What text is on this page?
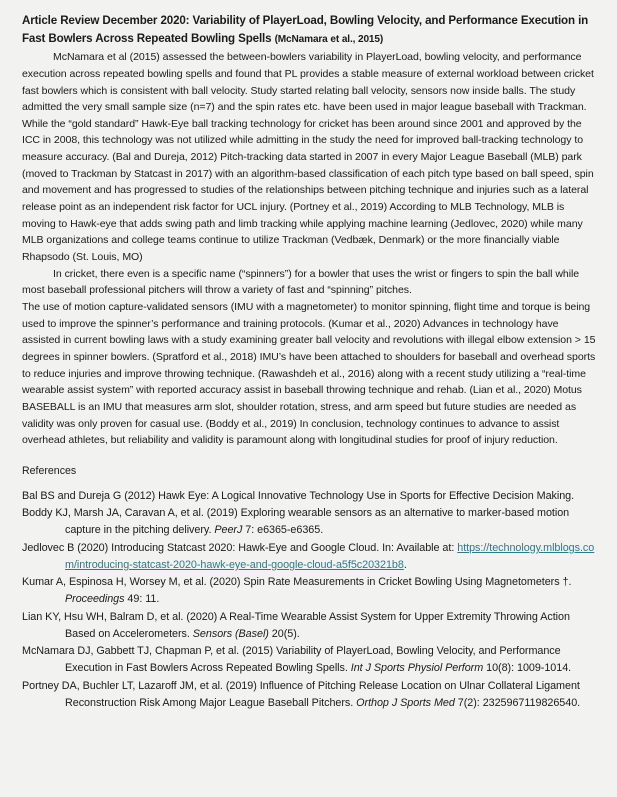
Article Review December 2020: Variability of PlayerLoad, Bowling Velocity, and Performance Execution in Fast Bowlers Across Repeated Bowling Spells (McNamara et al., 2015)

McNamara et al (2015) assessed the between-bowlers variability in PlayerLoad, bowling velocity, and performance execution across repeated bowling spells and found that PL provides a stable measure of external workload between cricket fast bowlers which is consistent with ball velocity. Study started relating ball velocity, sensors now inside balls. The study admitted the very small sample size (n=7) and the spin rates etc. have been used in major league baseball with Trackman. While the “gold standard” Hawk-Eye ball tracking technology for cricket has been around since 2001 and approved by the ICC in 2008, this technology was not utilized while admitting in the study the need for improved ball-tracking technology to measure accuracy. (Bal and Dureja, 2012) Pitch-tracking data started in 2007 in every Major League Baseball (MLB) park (moved to Trackman by Statcast in 2017) with an algorithm-based classification of each pitch type based on ball speed, spin and movement and has progressed to studies of the relationships between pitching technique and injuries such as a lateral release point as an independent risk factor for UCL injury. (Portney et al., 2019) According to MLB Technology, MLB is moving to Hawk-eye that adds swing path and limb tracking while applying machine learning (Jedlovec, 2020) while many MLB organizations and college teams continue to utilize Trackman (Vedbæk, Denmark) or the more financially viable Rhapsodo (St. Louis, MO)

In cricket, there even is a specific name (“spinners”) for a bowler that uses the wrist or fingers to spin the ball while most baseball professional pitchers will throw a variety of fast and “spinning” pitches.

The use of motion capture-validated sensors (IMU with a magnetometer) to monitor spinning, flight time and torque is being used to improve the spinner’s performance and training protocols. (Kumar et al., 2020) Advances in technology have assisted in current bowling laws with a study examining greater ball velocity and revolutions with illegal elbow extension > 15 degrees in spinner bowlers. (Spratford et al., 2018) IMU’s have been attached to shoulders for baseball and overhead sports to reduce injuries and improve throwing technique. (Rawashdeh et al., 2016) along with a recent study utilizing a “real-time wearable assist system” with reported accuracy assist in baseball throwing technique and rehab. (Lian et al., 2020) Motus BASEBALL is an IMU that measures arm slot, shoulder rotation, stress, and arm speed but future studies are needed as validity was only proven for casual use. (Boddy et al., 2019) In conclusion, technology continues to advance to assist overhead athletes, but reliability and validity is paramount along with longitudinal studies for proof of injury reduction.

References
Bal BS and Dureja G (2012) Hawk Eye: A Logical Innovative Technology Use in Sports for Effective Decision Making.
Boddy KJ, Marsh JA, Caravan A, et al. (2019) Exploring wearable sensors as an alternative to marker-based motion capture in the pitching delivery. PeerJ 7: e6365-e6365.
Jedlovec B (2020) Introducing Statcast 2020: Hawk-Eye and Google Cloud. In: Available at: https://technology.mlblogs.com/introducing-statcast-2020-hawk-eye-and-google-cloud-a5f5c20321b8.
Kumar A, Espinosa H, Worsey M, et al. (2020) Spin Rate Measurements in Cricket Bowling Using Magnetometers †. Proceedings 49: 11.
Lian KY, Hsu WH, Balram D, et al. (2020) A Real-Time Wearable Assist System for Upper Extremity Throwing Action Based on Accelerometers. Sensors (Basel) 20(5).
McNamara DJ, Gabbett TJ, Chapman P, et al. (2015) Variability of PlayerLoad, Bowling Velocity, and Performance Execution in Fast Bowlers Across Repeated Bowling Spells. Int J Sports Physiol Perform 10(8): 1009-1014.
Portney DA, Buchler LT, Lazaroff JM, et al. (2019) Influence of Pitching Release Location on Ulnar Collateral Ligament Reconstruction Risk Among Major League Baseball Pitchers. Orthop J Sports Med 7(2): 2325967119826540.
